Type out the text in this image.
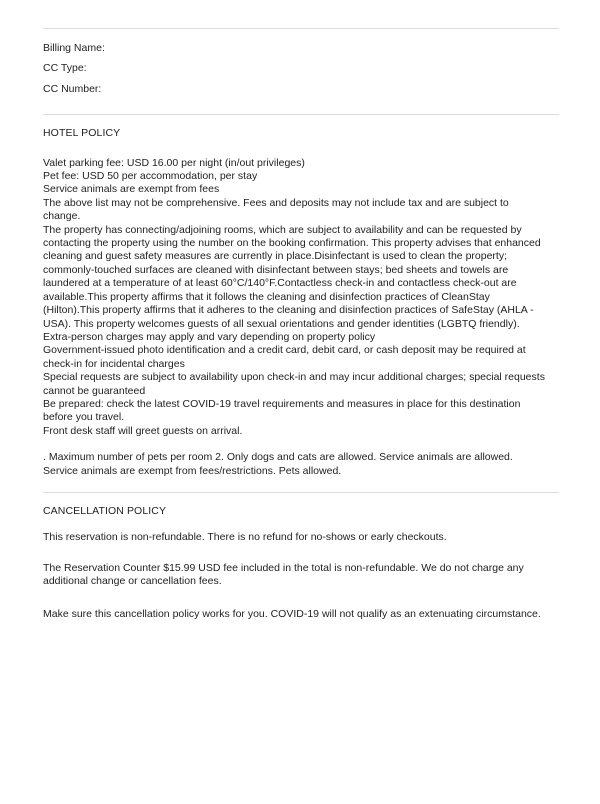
Billing Name:
CC Type:
CC Number:
HOTEL POLICY
Valet parking fee: USD 16.00 per night (in/out privileges)
Pet fee: USD 50 per accommodation, per stay
Service animals are exempt from fees
The above list may not be comprehensive. Fees and deposits may not include tax and are subject to
change.
The property has connecting/adjoining rooms, which are subject to availability and can be requested by
contacting the property using the number on the booking confirmation. This property advises that enhanced
cleaning and guest safety measures are currently in place.Disinfectant is used to clean the property;
commonly-touched surfaces are cleaned with disinfectant between stays; bed sheets and towels are
laundered at a temperature of at least 60°C/140°F.Contactless check-in and contactless check-out are
available.This property affirms that it follows the cleaning and disinfection practices of CleanStay
(Hilton).This property affirms that it adheres to the cleaning and disinfection practices of SafeStay (AHLA -
USA). This property welcomes guests of all sexual orientations and gender identities (LGBTQ friendly).
Extra-person charges may apply and vary depending on property policy
Government-issued photo identification and a credit card, debit card, or cash deposit may be required at
check-in for incidental charges
Special requests are subject to availability upon check-in and may incur additional charges; special requests
cannot be guaranteed
Be prepared: check the latest COVID-19 travel requirements and measures in place for this destination
before you travel.
Front desk staff will greet guests on arrival.
. Maximum number of pets per room 2. Only dogs and cats are allowed. Service animals are allowed.
Service animals are exempt from fees/restrictions. Pets allowed.
CANCELLATION POLICY
This reservation is non-refundable. There is no refund for no-shows or early checkouts.
The Reservation Counter $15.99 USD fee included in the total is non-refundable. We do not charge any
additional change or cancellation fees.
Make sure this cancellation policy works for you. COVID-19 will not qualify as an extenuating circumstance.
